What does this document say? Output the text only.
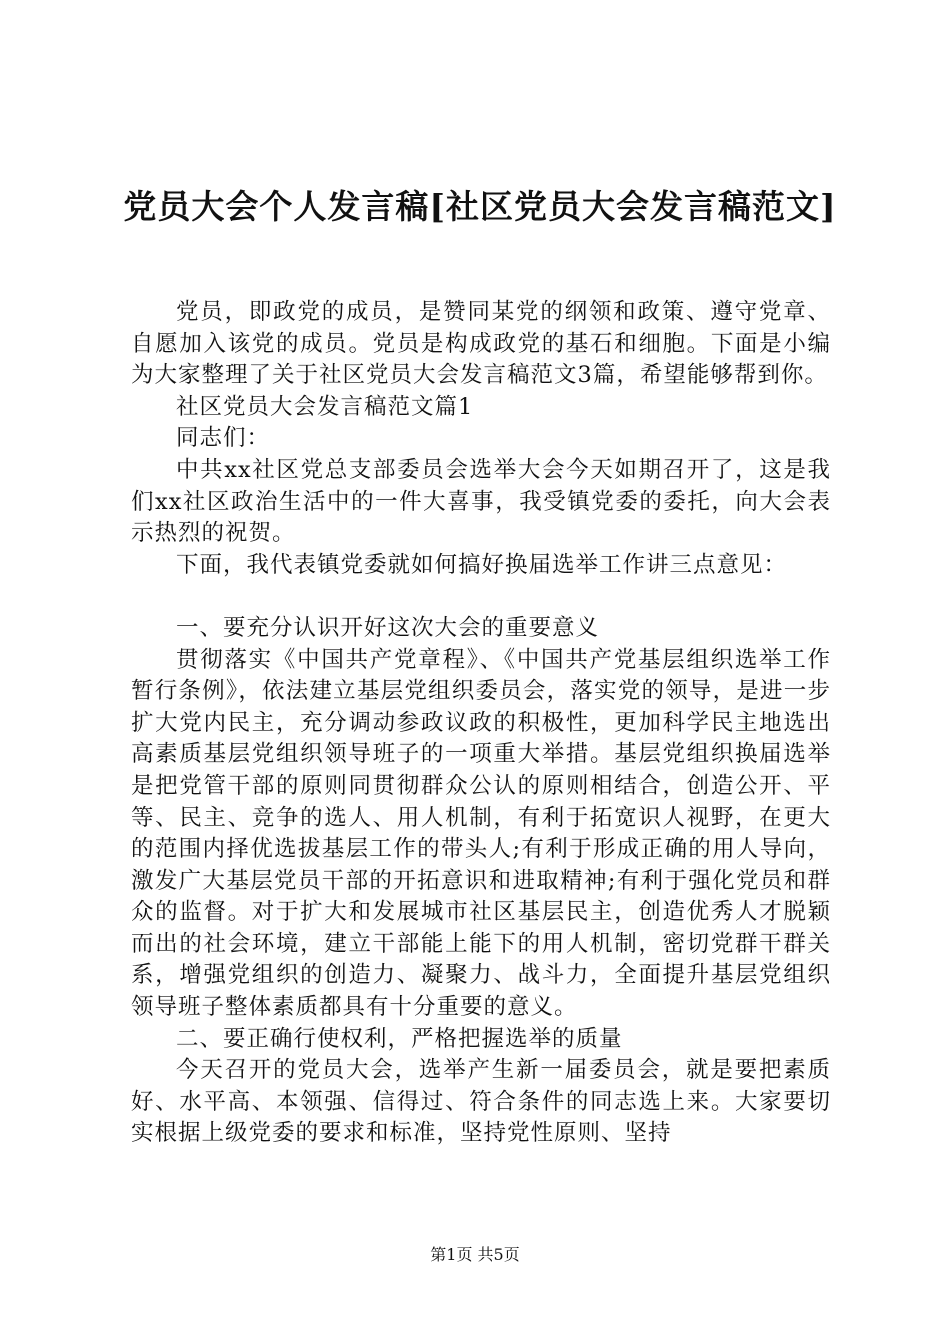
党员大会个人发言稿[社区党员大会发言稿范文]

党员，即政党的成员，是赞同某党的纲领和政策、遵守党章、自愿加入该党的成员。党员是构成政党的基石和细胞。下面是小编为大家整理了关于社区党员大会发言稿范文3篇，希望能够帮到你。

社区党员大会发言稿范文篇1

同志们：

中共xx社区党总支部委员会选举大会今天如期召开了，这是我们xx社区政治生活中的一件大喜事，我受镇党委的委托，向大会表示热烈的祝贺。

下面，我代表镇党委就如何搞好换届选举工作讲三点意见：

一、要充分认识开好这次大会的重要意义

贯彻落实《中国共产党章程》、《中国共产党基层组织选举工作暂行条例》，依法建立基层党组织委员会，落实党的领导，是进一步扩大党内民主，充分调动参政议政的积极性，更加科学民主地选出高素质基层党组织领导班子的一项重大举措。基层党组织换届选举是把党管干部的原则同贯彻群众公认的原则相结合，创造公开、平等、民主、竞争的选人、用人机制，有利于拓宽识人视野，在更大的范围内择优选拔基层工作的带头人;有利于形成正确的用人导向，激发广大基层党员干部的开拓意识和进取精神;有利于强化党员和群众的监督。对于扩大和发展城市社区基层民主，创造优秀人才脱颖而出的社会环境，建立干部能上能下的用人机制，密切党群干群关系，增强党组织的创造力、凝聚力、战斗力，全面提升基层党组织领导班子整体素质都具有十分重要的意义。

二、要正确行使权利，严格把握选举的质量

今天召开的党员大会，选举产生新一届委员会，就是要把素质好、水平高、本领强、信得过、符合条件的同志选上来。大家要切实根据上级党委的要求和标准，坚持党性原则、坚持

第1页 共5页
